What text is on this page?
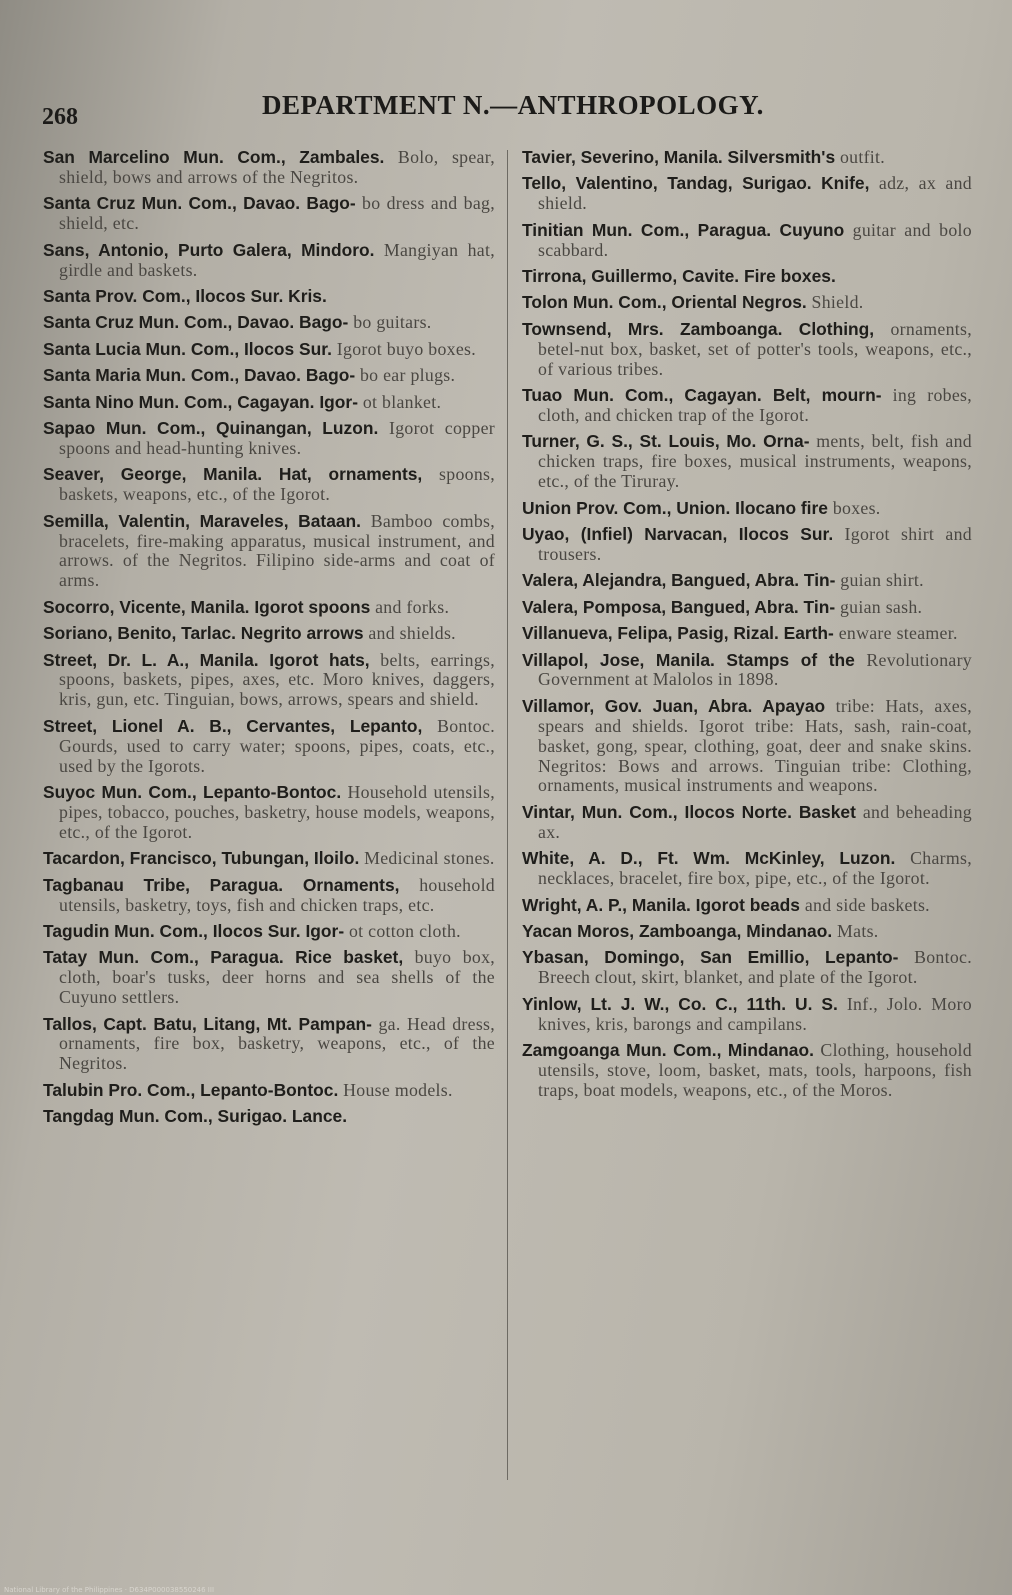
268	DEPARTMENT N.—ANTHROPOLOGY.

San Marcelino Mun. Com., Zambales. Bolo, spear, shield, bows and arrows of the Negritos.

Santa Cruz Mun. Com., Davao. Bago- bo dress and bag, shield, etc.

Sans, Antonio, Purto Galera, Mindoro. Mangiyan hat, girdle and baskets.

Santa Prov. Com., Ilocos Sur. Kris.

Santa Cruz Mun. Com., Davao. Bago- bo guitars.

Santa Lucia Mun. Com., Ilocos Sur. Igorot buyo boxes.

Santa Maria Mun. Com., Davao. Bago- bo ear plugs.

Santa Nino Mun. Com., Cagayan. Igor- ot blanket.

Sapao Mun. Com., Quinangan, Luzon. Igorot copper spoons and head-hunting knives.

Seaver, George, Manila. Hat, ornaments, spoons, baskets, weapons, etc., of the Igorot.

Semilla, Valentin, Maraveles, Bataan. Bamboo combs, bracelets, fire-making apparatus, musical instrument, and arrows. of the Negritos. Filipino side-arms and coat of arms.

Socorro, Vicente, Manila. Igorot spoons and forks.

Soriano, Benito, Tarlac. Negrito arrows and shields.

Street, Dr. L. A., Manila. Igorot hats, belts, earrings, spoons, baskets, pipes, axes, etc. Moro knives, daggers, kris, gun, etc. Tinguian, bows, arrows, spears and shield.

Street, Lionel A. B., Cervantes, Lepanto, Bontoc. Gourds, used to carry water; spoons, pipes, coats, etc., used by the Igorots.

Suyoc Mun. Com., Lepanto-Bontoc. Household utensils, pipes, tobacco, pouches, basketry, house models, weapons, etc., of the Igorot.

Tacardon, Francisco, Tubungan, Iloilo. Medicinal stones.

Tagbanau Tribe, Paragua. Ornaments, household utensils, basketry, toys, fish and chicken traps, etc.

Tagudin Mun. Com., Ilocos Sur. Igor- ot cotton cloth.

Tatay Mun. Com., Paragua. Rice basket, buyo box, cloth, boar's tusks, deer horns and sea shells of the Cuyuno settlers.

Tallos, Capt. Batu, Litang, Mt. Pampan- ga. Head dress, ornaments, fire box, basketry, weapons, etc., of the Negritos.

Talubin Pro. Com., Lepanto-Bontoc. House models.

Tangdag Mun. Com., Surigao. Lance.

Tavier, Severino, Manila. Silversmith's outfit.

Tello, Valentino, Tandag, Surigao. Knife, adz, ax and shield.

Tinitian Mun. Com., Paragua. Cuyuno guitar and bolo scabbard.

Tirrona, Guillermo, Cavite. Fire boxes.

Tolon Mun. Com., Oriental Negros. Shield.

Townsend, Mrs. Zamboanga. Clothing, ornaments, betel-nut box, basket, set of potter's tools, weapons, etc., of various tribes.

Tuao Mun. Com., Cagayan. Belt, mourn- ing robes, cloth, and chicken trap of the Igorot.

Turner, G. S., St. Louis, Mo. Orna- ments, belt, fish and chicken traps, fire boxes, musical instruments, weapons, etc., of the Tiruray.

Union Prov. Com., Union. Ilocano fire boxes.

Uyao, (Infiel) Narvacan, Ilocos Sur. Igorot shirt and trousers.

Valera, Alejandra, Bangued, Abra. Tin- guian shirt.

Valera, Pomposa, Bangued, Abra. Tin- guian sash.

Villanueva, Felipa, Pasig, Rizal. Earth- enware steamer.

Villapol, Jose, Manila. Stamps of the Revolutionary Government at Malolos in 1898.

Villamor, Gov. Juan, Abra. Apayao tribe: Hats, axes, spears and shields. Igorot tribe: Hats, sash, rain-coat, basket, gong, spear, clothing, goat, deer and snake skins. Negritos: Bows and arrows. Tinguian tribe: Clothing, ornaments, musical instruments and weapons.

Vintar, Mun. Com., Ilocos Norte. Basket and beheading ax.

White, A. D., Ft. Wm. McKinley, Luzon. Charms, necklaces, bracelet, fire box, pipe, etc., of the Igorot.

Wright, A. P., Manila. Igorot beads and side baskets.

Yacan Moros, Zamboanga, Mindanao. Mats.

Ybasan, Domingo, San Emillio, Lepanto- Bontoc. Breech clout, skirt, blanket, and plate of the Igorot.

Yinlow, Lt. J. W., Co. C., 11th. U. S. Inf., Jolo. Moro knives, kris, barongs and campilans.

Zamgoanga Mun. Com., Mindanao. Clothing, household utensils, stove, loom, basket, mats, tools, harpoons, fish traps, boat models, weapons, etc., of the Moros.

National Library of the Philippines · D634P000038550246 III
